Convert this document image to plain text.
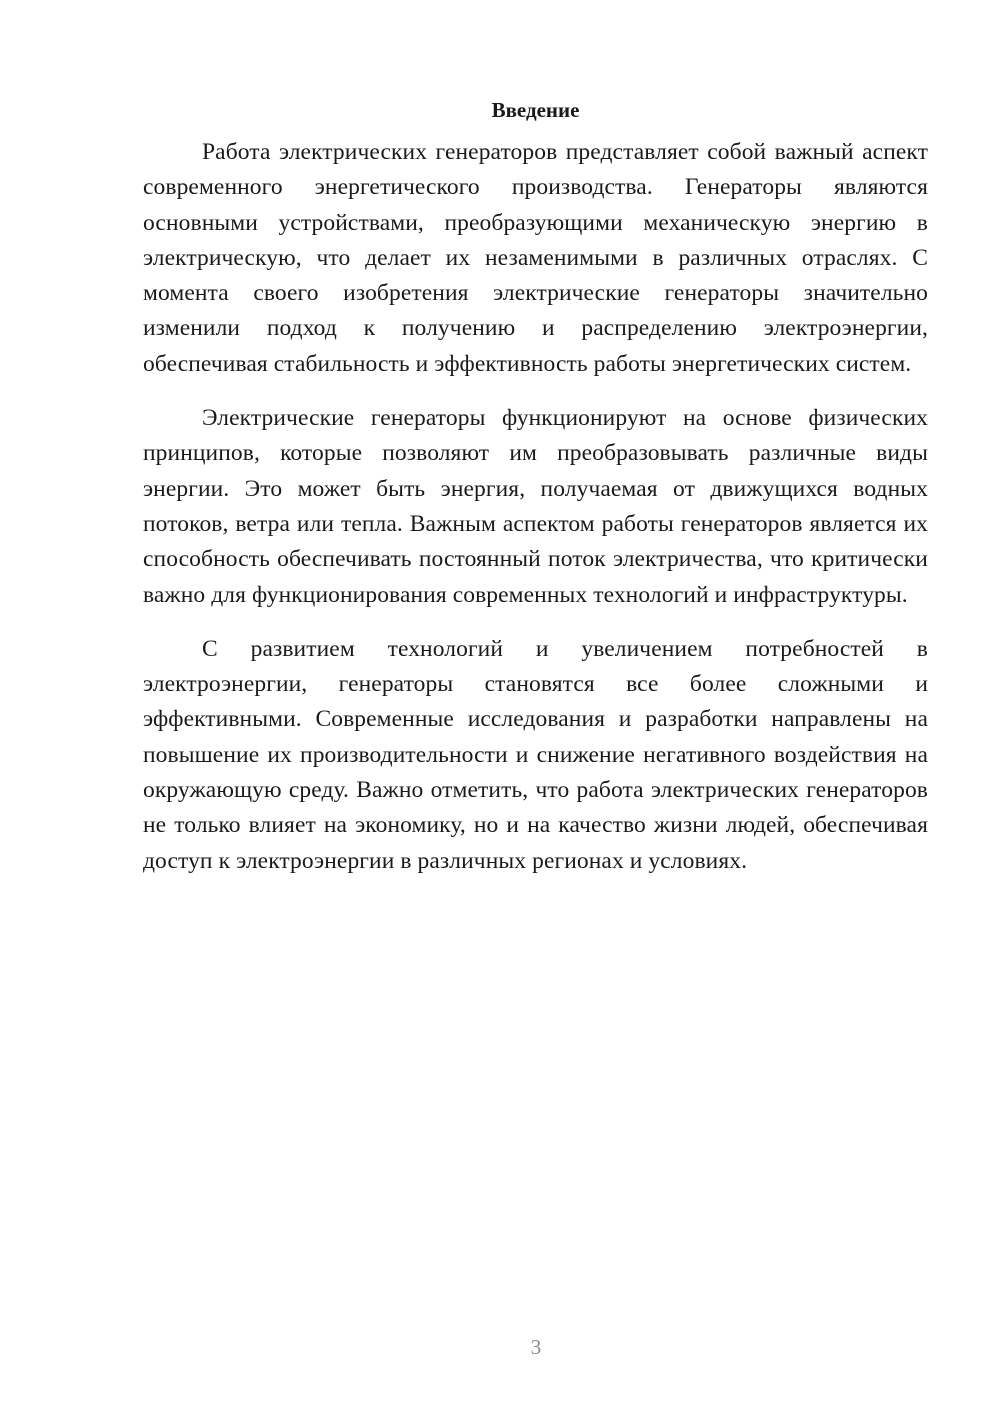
Введение

Работа электрических генераторов представляет собой важный аспект современного энергетического производства. Генераторы являются основными устройствами, преобразующими механическую энергию в электрическую, что делает их незаменимыми в различных отраслях. С момента своего изобретения электрические генераторы значительно изменили подход к получению и распределению электроэнергии, обеспечивая стабильность и эффективность работы энергетических систем.

Электрические генераторы функционируют на основе физических принципов, которые позволяют им преобразовывать различные виды энергии. Это может быть энергия, получаемая от движущихся водных потоков, ветра или тепла. Важным аспектом работы генераторов является их способность обеспечивать постоянный поток электричества, что критически важно для функционирования современных технологий и инфраструктуры.

С развитием технологий и увеличением потребностей в электроэнергии, генераторы становятся все более сложными и эффективными. Современные исследования и разработки направлены на повышение их производительности и снижение негативного воздействия на окружающую среду. Важно отметить, что работа электрических генераторов не только влияет на экономику, но и на качество жизни людей, обеспечивая доступ к электроэнергии в различных регионах и условиях.

3
